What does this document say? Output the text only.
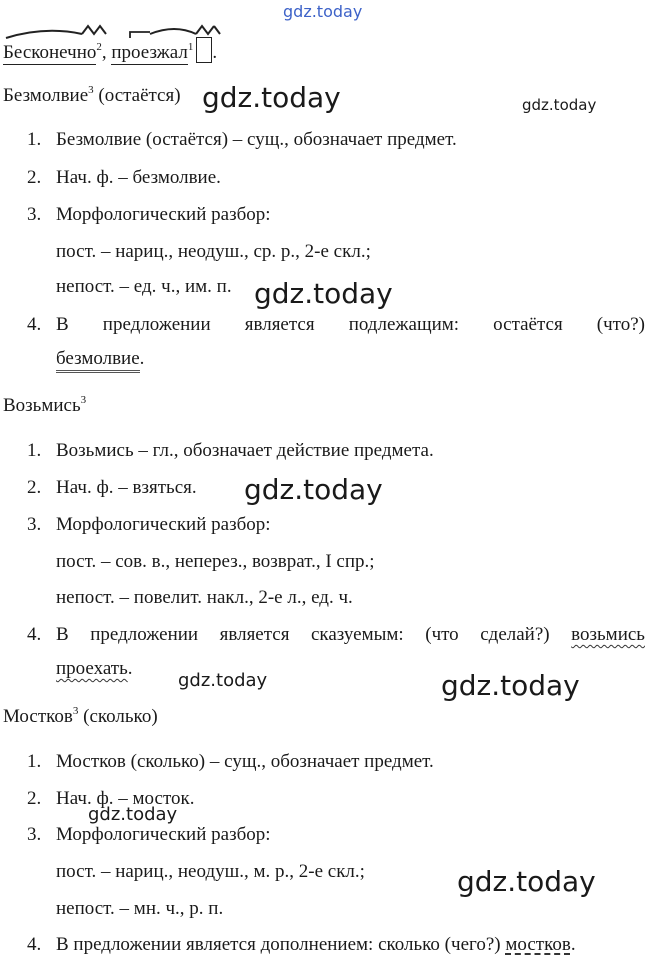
gdz.today
Бесконечно$^2$, проезжал$^1$ .
Безмолвие$^3$ (остаётся) gdz.today	gdz.today
1. Безмолвие (остаётся) – сущ., обозначает предмет.
2. Нач. ф. – безмолвие.
3. Морфологический разбор:
пост. – нариц., неодуш., ср. р., 2-е скл.;
непост. – ед. ч., им. п. gdz.today
4. В предложении является подлежащим: остаётся (что?)
безмолвие.
Возьмись$^3$
1. Возьмись – гл., обозначает действие предмета.
2. Нач. ф. – взяться. gdz.today
3. Морфологический разбор:
пост. – сов. в., неперез., возврат., I спр.;
непост. – повелит. накл., 2-е л., ед. ч.
4. В предложении является сказуемым: (что сделай?) возьмись
проехать.
gdz.today	gdz.today
Мостков$^3$ (сколько)
1. Мостков (сколько) – сущ., обозначает предмет.
2. Нач. ф. – мосток.
gdz.today
3. Морфологический разбор:
пост. – нариц., неодуш., м. р., 2-е скл.;	gdz.today
непост. – мн. ч., р. п.
4. В предложении является дополнением: сколько (чего?) мостков.
